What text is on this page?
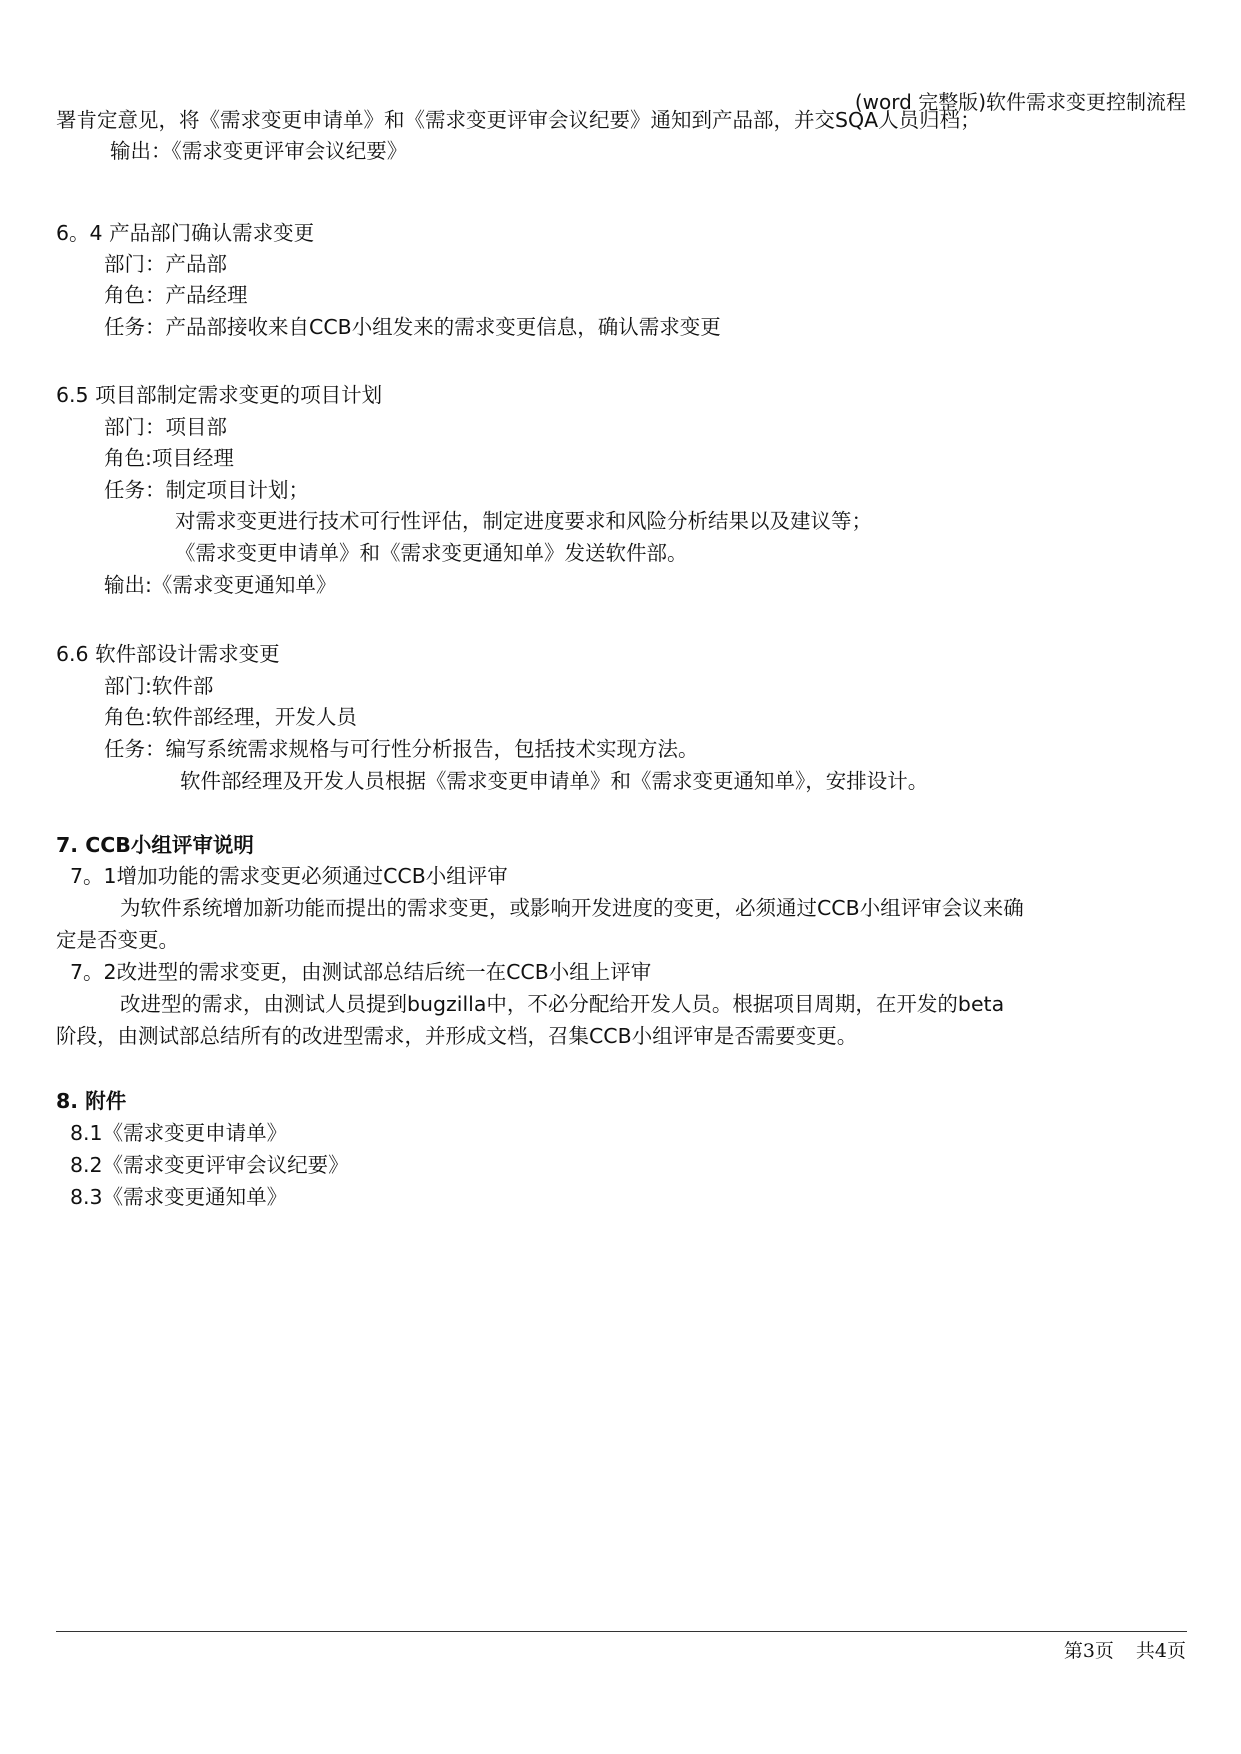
(word 完整版)软件需求变更控制流程
署肯定意见，将《需求变更申请单》和《需求变更评审会议纪要》通知到产品部，并交SQA人员归档；
输出：《需求变更评审会议纪要》
6。4 产品部门确认需求变更
部门：产品部
角色：产品经理
任务：产品部接收来自CCB小组发来的需求变更信息，确认需求变更
6.5 项目部制定需求变更的项目计划
部门：项目部
角色:项目经理
任务：制定项目计划；
对需求变更进行技术可行性评估，制定进度要求和风险分析结果以及建议等；
《需求变更申请单》和《需求变更通知单》发送软件部。
输出:《需求变更通知单》
6.6 软件部设计需求变更
部门:软件部
角色:软件部经理，开发人员
任务：编写系统需求规格与可行性分析报告，包括技术实现方法。
软件部经理及开发人员根据《需求变更申请单》和《需求变更通知单》，安排设计。
7. CCB小组评审说明
7。1增加功能的需求变更必须通过CCB小组评审
为软件系统增加新功能而提出的需求变更，或影响开发进度的变更，必须通过CCB小组评审会议来确
定是否变更。
7。2改进型的需求变更，由测试部总结后统一在CCB小组上评审
改进型的需求，由测试人员提到bugzilla中，不必分配给开发人员。根据项目周期，在开发的beta
阶段，由测试部总结所有的改进型需求，并形成文档，召集CCB小组评审是否需要变更。
8. 附件
8.1《需求变更申请单》
8.2《需求变更评审会议纪要》
8.3《需求变更通知单》
第3页 共4页
